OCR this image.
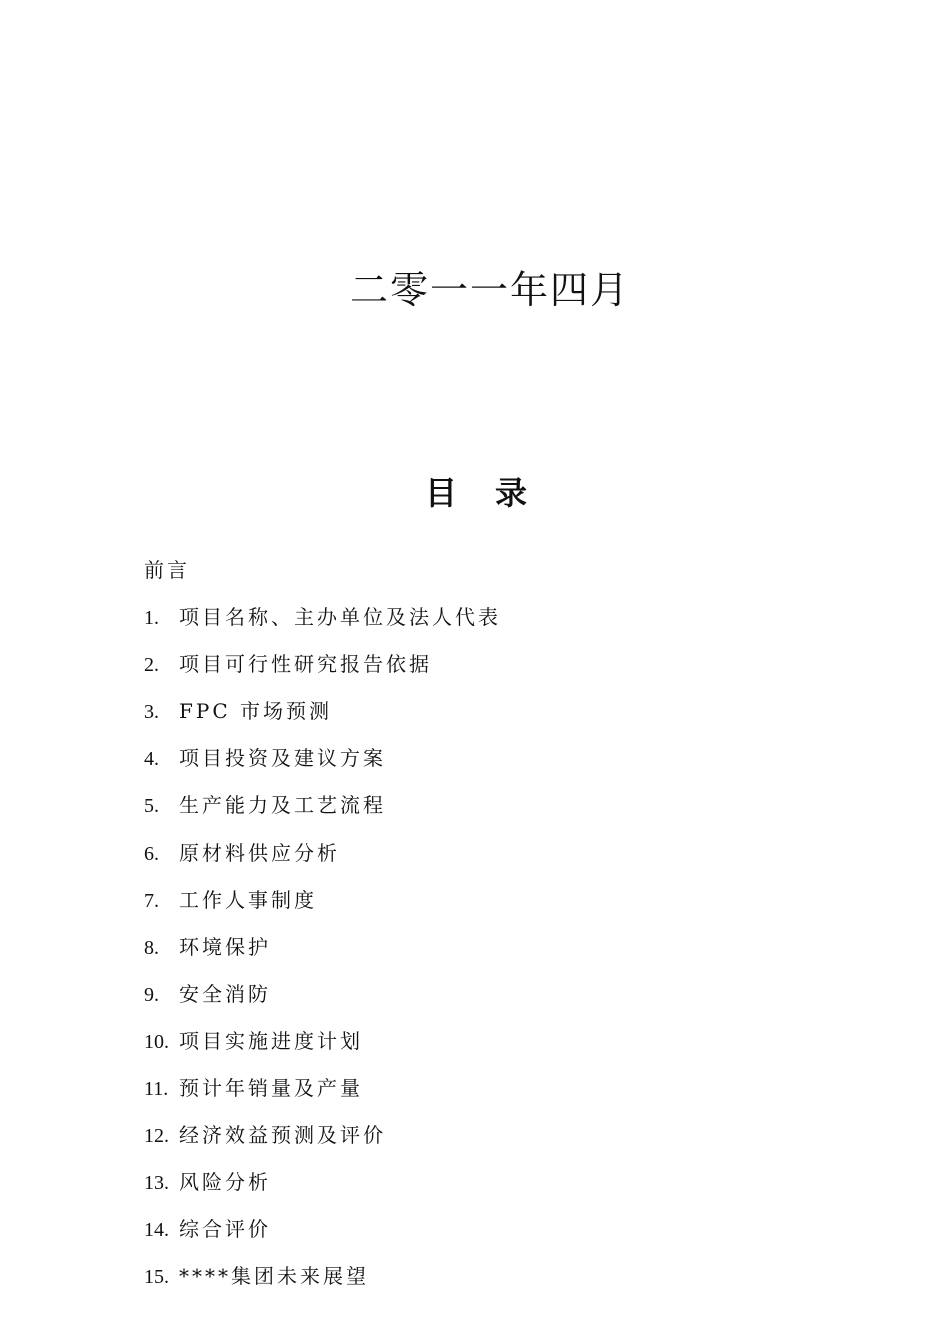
二零一一年四月
目录
前言
1. 项目名称、主办单位及法人代表
2. 项目可行性研究报告依据
3. FPC 市场预测
4. 项目投资及建议方案
5. 生产能力及工艺流程
6. 原材料供应分析
7. 工作人事制度
8. 环境保护
9. 安全消防
10. 项目实施进度计划
11. 预计年销量及产量
12. 经济效益预测及评价
13. 风险分析
14. 综合评价
15. ****集团未来展望
